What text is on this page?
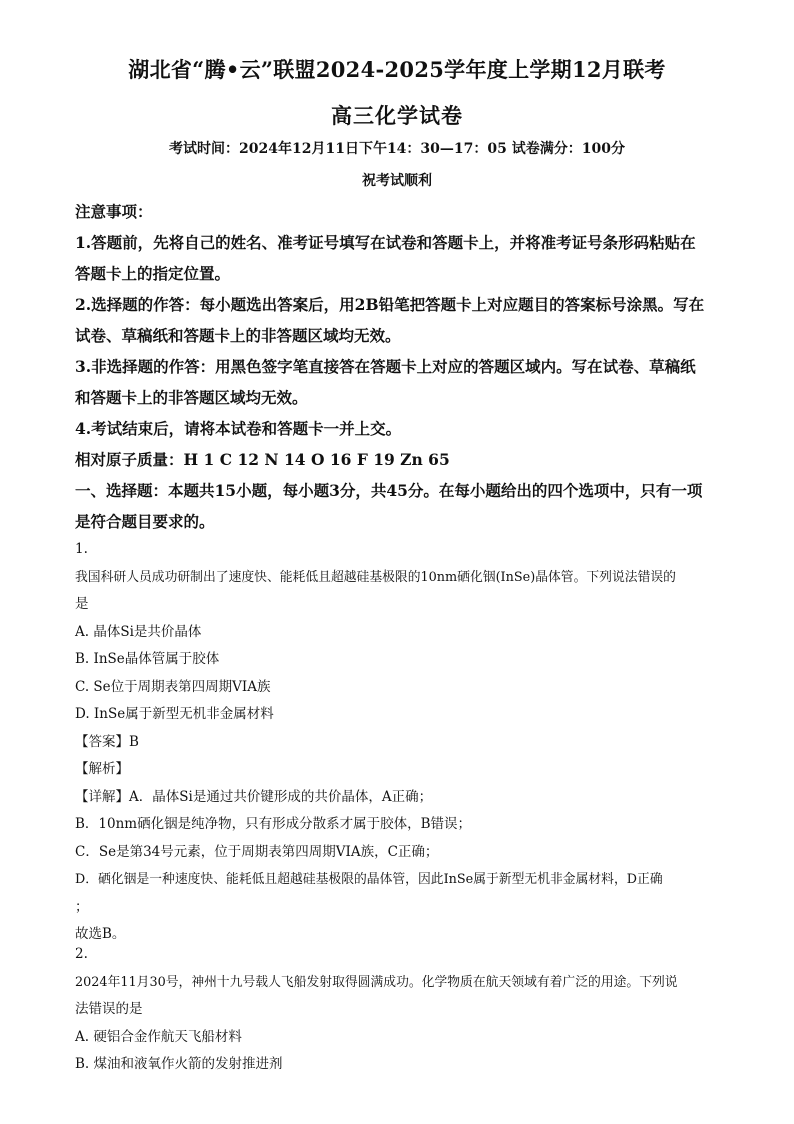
湖北省“腾•云”联盟2024-2025学年度上学期12月联考
高三化学试卷
考试时间：2024年12月11日下午14：30—17：05 试卷满分：100分
祝考试顺利
注意事项：
1.答题前，先将自己的姓名、准考证号填写在试卷和答题卡上，并将准考证号条形码粘贴在
答题卡上的指定位置。
2.选择题的作答：每小题选出答案后，用2B铅笔把答题卡上对应题目的答案标号涂黑。写在
试卷、草稿纸和答题卡上的非答题区域均无效。
3.非选择题的作答：用黑色签字笔直接答在答题卡上对应的答题区域内。写在试卷、草稿纸
和答题卡上的非答题区域均无效。
4.考试结束后，请将本试卷和答题卡一并上交。
相对原子质量：H 1 C 12 N 14 O 16 F 19 Zn 65
一、选择题：本题共15小题，每小题3分，共45分。在每小题给出的四个选项中，只有一项
是符合题目要求的。
1.
我国科研人员成功研制出了速度快、能耗低且超越硅基极限的10nm硒化铟(InSe)晶体管。下列说法错误的
是
A. 晶体Si是共价晶体
B. InSe晶体管属于胶体
C. Se位于周期表第四周期VIA族
D. InSe属于新型无机非金属材料
【答案】B
【解析】
【详解】A．晶体Si是通过共价键形成的共价晶体，A正确；
B．10nm硒化铟是纯净物，只有形成分散系才属于胶体，B错误；
C．Se是第34号元素，位于周期表第四周期VIA族，C正确；
D．硒化铟是一种速度快、能耗低且超越硅基极限的晶体管，因此InSe属于新型无机非金属材料，D正确
；
故选B。
2.
2024年11月30号，神州十九号载人飞船发射取得圆满成功。化学物质在航天领域有着广泛的用途。下列说
法错误的是
A. 硬铝合金作航天飞船材料
B. 煤油和液氧作火箭的发射推进剂
